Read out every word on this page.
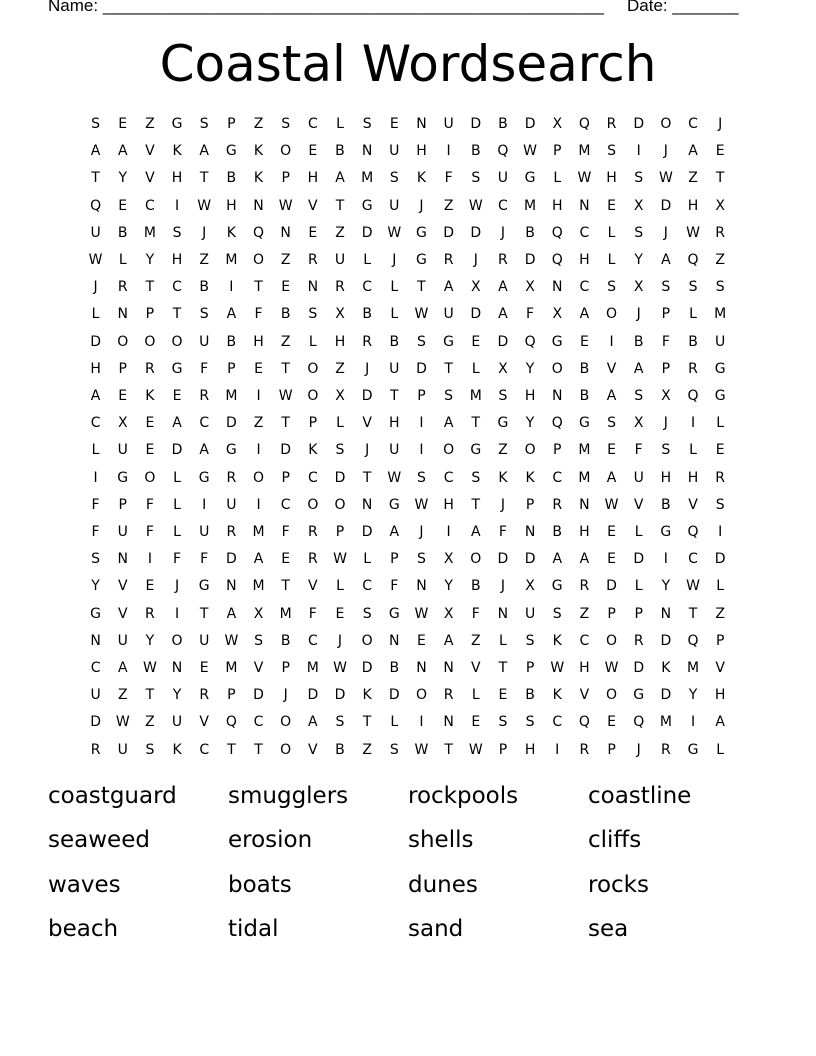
Name: _____________________________________________________ Date: _______
Coastal Wordsearch
S E Z G S P Z S C L S E N U D B D X Q R D O C J
A A V K A G K O E B N U H I B Q W P M S I J A E
T Y V H T B K P H A M S K F S U G L W H S W Z T
Q E C I W H N W V T G U J Z W C M H N E X D H X
U B M S J K Q N E Z D W G D D J B Q C L S J W R
W L Y H Z M O Z R U L J G R J R D Q H L Y A Q Z
J R T C B I T E N R C L T A X A X N C S X S S S
L N P T S A F B S X B L W U D A F X A O J P L M
D O O O U B H Z L H R B S G E D Q G E I B F B U
H P R G F P E T O Z J U D T L X Y O B V A P R G
A E K E R M I W O X D T P S M S H N B A S X Q G
C X E A C D Z T P L V H I A T G Y Q G S X J I L
L U E D A G I D K S J U I O G Z O P M E F S L E
I G O L G R O P C D T W S C S K K C M A U H H R
F P F L I U I C O O N G W H T J P R N W V B V S
F U F L U R M F R P D A J I A F N B H E L G Q I
S N I F F D A E R W L P S X O D D A A E D I C D
Y V E J G N M T V L C F N Y B J X G R D L Y W L
G V R I T A X M F E S G W X F N U S Z P P N T Z
N U Y O U W S B C J O N E A Z L S K C O R D Q P
C A W N E M V P M W D B N N V T P W H W D K M V
U Z T Y R P D J D D K D O R L E B K V O G D Y H
D W Z U V Q C O A S T L I N E S S C Q E Q M I A
R U S K C T T O V B Z S W T W P H I R P J R G L
coastguard	smugglers	rockpools	coastline
seaweed	erosion	shells	cliffs
waves	boats	dunes	rocks
beach	tidal	sand	sea
